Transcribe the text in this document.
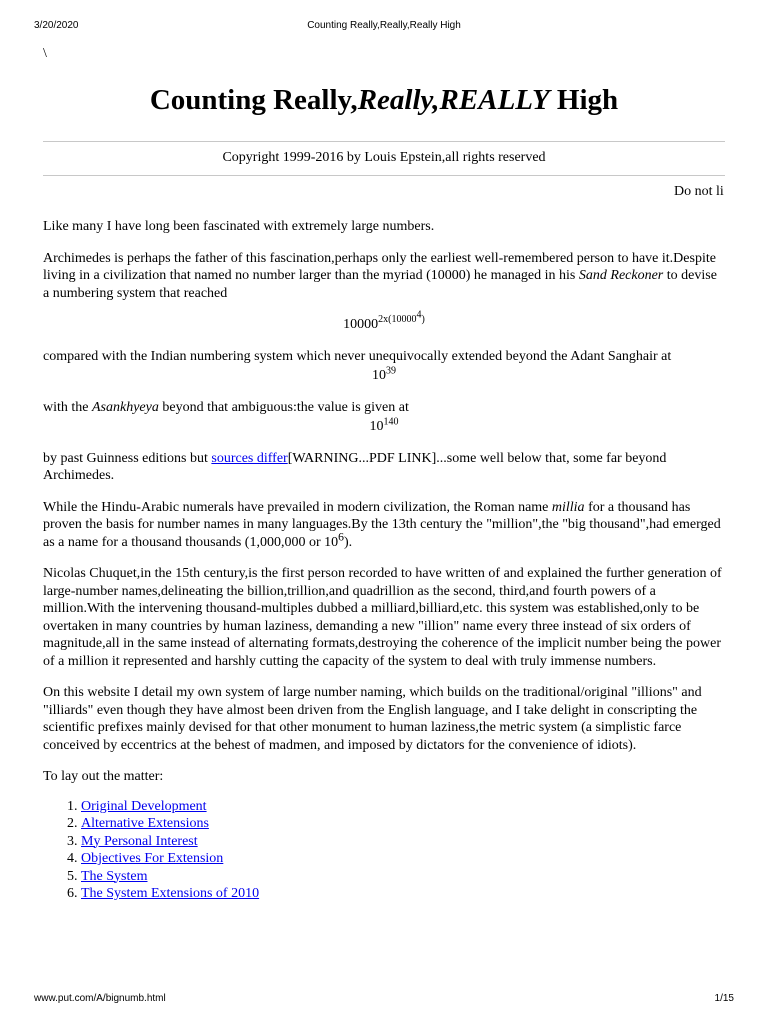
3/20/2020	Counting Really,Really,Really High
\
Counting Really,Really,REALLY High
Copyright 1999-2016 by Louis Epstein,all rights reserved
Do not li

Like many I have long been fascinated with extremely large numbers.

Archimedes is perhaps the father of this fascination,perhaps only the earliest well-remembered person to have it.Despite living in a civilization that named no number larger than the myriad (10000) he managed in his Sand Reckoner to devise a numbering system that reached

$10000^{2x(10000^4)}$

compared with the Indian numbering system which never unequivocally extended beyond the Adant Sanghair at

$10^{39}$

with the Asankhyeya beyond that ambiguous:the value is given at

$10^{140}$

by past Guinness editions but sources differ[WARNING...PDF LINK]...some well below that, some far beyond Archimedes.

While the Hindu-Arabic numerals have prevailed in modern civilization, the Roman name millia for a thousand has proven the basis for number names in many languages.By the 13th century the "million",the "big thousand",had emerged as a name for a thousand thousands (1,000,000 or $10^6$).

Nicolas Chuquet,in the 15th century,is the first person recorded to have written of and explained the further generation of large-number names,delineating the billion,trillion,and quadrillion as the second, third,and fourth powers of a million.With the intervening thousand-multiples dubbed a milliard,billiard,etc. this system was established,only to be overtaken in many countries by human laziness, demanding a new "illion" name every three instead of six orders of magnitude,all in the same instead of alternating formats,destroying the coherence of the implicit number being the power of a million it represented and harshly cutting the capacity of the system to deal with truly immense numbers.

On this website I detail my own system of large number naming, which builds on the traditional/original "illions" and "illiards" even though they have almost been driven from the English language, and I take delight in conscripting the scientific prefixes mainly devised for that other monument to human laziness,the metric system (a simplistic farce conceived by eccentrics at the behest of madmen, and imposed by dictators for the convenience of idiots).

To lay out the matter:

1. Original Development
2. Alternative Extensions
3. My Personal Interest
4. Objectives For Extension
5. The System
6. The System Extensions of 2010
www.put.com/A/bignumb.html	1/15
